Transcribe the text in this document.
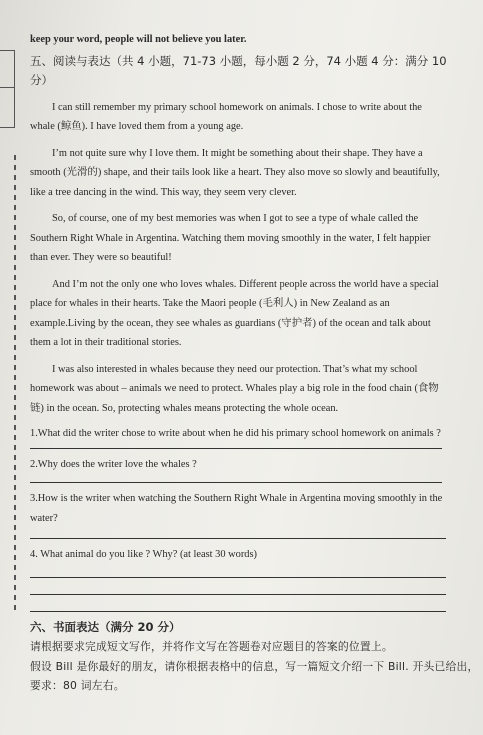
keep your word, people will not believe you later.
五、阅读与表达（共 4 小题，71-73 小题，每小题 2 分，74 小题 4 分：满分 10
分）
I can still remember my primary school homework on animals. I chose to write about the
whale (鲸鱼). I have loved them from a young age.
I’m not quite sure why I love them. It might be something about their shape. They have a
smooth (光滑的) shape, and their tails look like a heart. They also move so slowly and beautifully,
like a tree dancing in the wind. This way, they seem very clever.
So, of course, one of my best memories was when I got to see a type of whale called the
Southern Right Whale in Argentina. Watching them moving smoothly in the water, I felt happier
than ever. They were so beautiful!
And I’m not the only one who loves whales. Different people across the world have a special
place for whales in their hearts. Take the Maori people (毛利人) in New Zealand as an
example.Living by the ocean, they see whales as guardians (守护者) of the ocean and talk about
them a lot in their traditional stories.
I was also interested in whales because they need our protection. That’s what my school
homework was about – animals we need to protect. Whales play a big role in the food chain (食物
链) in the ocean. So, protecting whales means protecting the whole ocean.
1.What did the writer chose to write about when he did his primary school homework on animals ?
2.Why does the writer love the whales ?
3.How is the writer when watching the Southern Right Whale in Argentina moving smoothly in the
water?
4. What animal do you like ? Why? (at least 30 words)
六、书面表达（满分 20 分）
请根据要求完成短文写作，并将作文写在答题卷对应题目的答案的位置上。
假设 Bill 是你最好的朋友，请你根据表格中的信息，写一篇短文介绍一下 Bill. 开头已给出，
要求：80 词左右。
